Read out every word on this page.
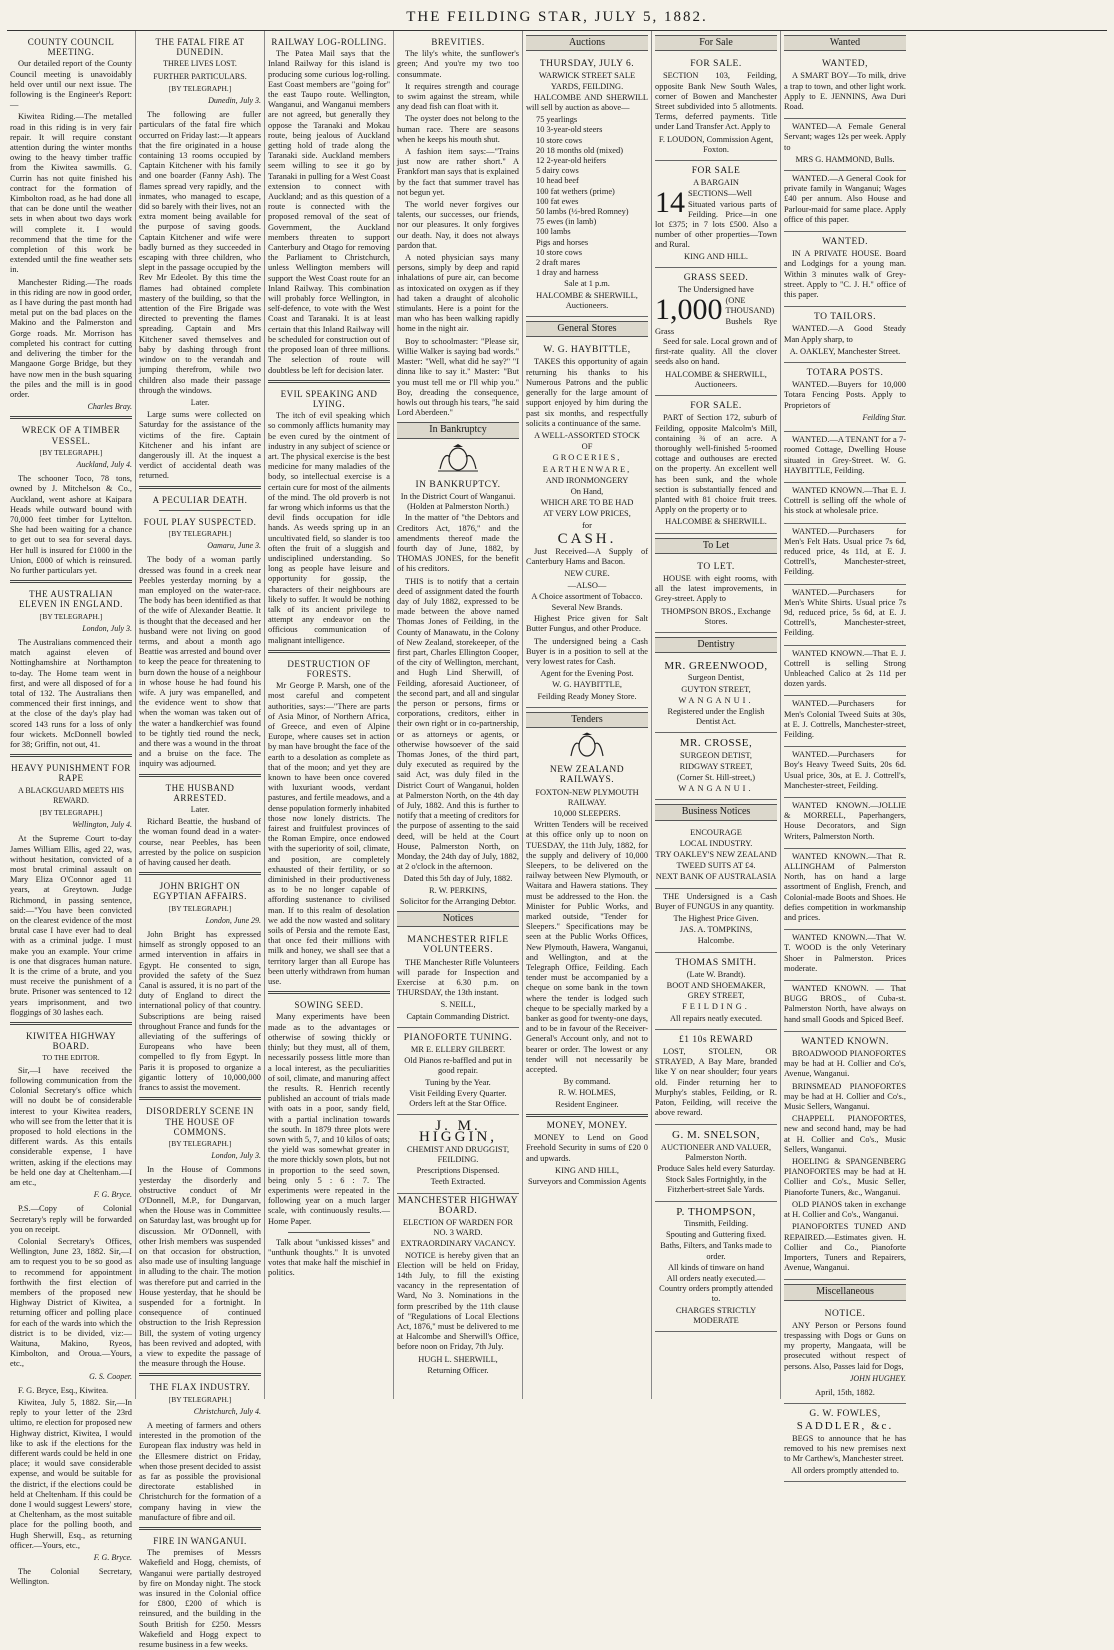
THE FEILDING STAR, JULY 5, 1882.
COUNTY COUNCIL MEETING.

Our detailed report of the County Council meeting is unavoidably held over until our next issue. The following is the Engineer's Report:—

Kiwitea Riding.—The metalled road in this riding is in very fair repair. It will require constant attention during the winter months owing to the heavy timber traffic from the Kiwitea sawmills. G. Currin has not quite finished his contract for the formation of Kimbolton road, as he had done all that can be done until the weather sets in when about two days work will complete it. I would recommend that the time for the completion of this work be extended until the fine weather sets in.

Manchester Riding.—The roads in this riding are now in good order, as I have during the past month had metal put on the bad places on the Makino and the Palmerston and Gorge roads. Mr. Morrison has completed his contract for cutting and delivering the timber for the Mangaone Gorge Bridge, but they have now men in the bush squaring the piles and the mill is in good order.

Charles Bray.
WRECK OF A TIMBER VESSEL.
[BY TELEGRAPH.]
Auckland, July 4.

The schooner Toco, 78 tons, owned by J. Mitchelson & Co., Auckland, went ashore at Kaipara Heads while outward bound with 70,000 feet timber for Lyttelton. She had been waiting for a chance to get out to sea for several days. Her hull is insured for £1000 in the Union, £000 of which is reinsured. No further particulars yet.

THE AUSTRALIAN ELEVEN IN ENGLAND.
[BY TELEGRAPH.]
London, July 3.

The Australians commenced their match against eleven of Nottinghamshire at Northampton to-day. The Home team went in first, and were all disposed of for a total of 132. The Australians then commenced their first innings, and at the close of the day's play had scored 143 runs for a loss of only four wickets. McDonnell bowled for 38; Griffin, not out, 41.

HEAVY PUNISHMENT FOR RAPE
A BLACKGUARD MEETS HIS REWARD.
[BY TELEGRAPH.]
Wellington, July 4.

At the Supreme Court to-day James William Ellis, aged 22, was, without hesitation, convicted of a most brutal criminal assault on Mary Eliza O'Connor aged 11 years, at Greytown. Judge Richmond, in passing sentence, said:—"You have been convicted on the clearest evidence of the most brutal case I have ever had to deal with as a criminal judge. I must make you an example. Your crime is one that disgraces human nature. It is the crime of a brute, and you must receive the punishment of a brute. Prisoner was sentenced to 12 years imprisonment, and two floggings of 30 lashes each.

KIWITEA HIGHWAY BOARD.
TO THE EDITOR.

Sir,—I have received the following communication from the Colonial Secretary's office which will no doubt be of considerable interest to your Kiwitea readers, who will see from the letter that it is proposed to hold elections in the different wards. As this entails considerable expense, I have written, asking if the elections may be held one day at Cheltenham.—I am etc.,

F. G. Bryce.

P.S.—Copy of Colonial Secretary's reply will be forwarded you on receipt.

Colonial Secretary's Offices, Wellington, June 23, 1882. Sir,—I am to request you to be so good as to recommend for appointment forthwith the first election of members of the proposed new Highway District of Kiwitea, a returning officer and polling place for each of the wards into which the district is to be divided, viz:—Waituna, Makino, Ryeos, Kimbolton, and Oroua.—Yours, etc.,

G. S. Cooper.

F. G. Bryce, Esq., Kiwitea.

Kiwitea, July 5, 1882. Sir,—In reply to your letter of the 23rd ultimo, re election for proposed new Highway district, Kiwitea, I would like to ask if the elections for the different wards could be held in one place; it would save considerable expense, and would be suitable for the district, if the elections could be held at Cheltenham. If this could be done I would suggest Lewers' store, at Cheltenham, as the most suitable place for the polling booth, and Hugh Sherwill, Esq., as returning officer.—Yours, etc.,

F. G. Bryce.

The Colonial Secretary, Wellington.

THE FATAL FIRE AT DUNEDIN.
THREE LIVES LOST.
FURTHER PARTICULARS.
[BY TELEGRAPH.]
Dunedin, July 3.

The following are fuller particulars of the fatal fire which occurred on Friday last:—It appears that the fire originated in a house containing 13 rooms occupied by Captain Kitchener with his family and one boarder (Fanny Ash). The flames spread very rapidly, and the inmates, who managed to escape, did so barely with their lives, not an extra moment being available for the purpose of saving goods. Captain Kitchener and wife were badly burned as they succeeded in escaping with three children, who slept in the passage occupied by the Rev Mr Edeolet. By this time the flames had obtained complete mastery of the building, so that the attention of the Fire Brigade was directed to preventing the flames spreading. Captain and Mrs Kitchener saved themselves and baby by dashing through front window on to the verandah and jumping therefrom, while two children also made their passage through the windows.

Later.

Large sums were collected on Saturday for the assistance of the victims of the fire. Captain Kitchener and his infant are dangerously ill. At the inquest a verdict of accidental death was returned.

A PECULIAR DEATH.
FOUL PLAY SUSPECTED.
[BY TELEGRAPH.]
Oamaru, June 3.

The body of a woman partly dressed was found in a creek near Peebles yesterday morning by a man employed on the water-race. The body has been identified as that of the wife of Alexander Beattie. It is thought that the deceased and her husband were not living on good terms, and about a month ago Beattie was arrested and bound over to keep the peace for threatening to burn down the house of a neighbour in whose house he had found his wife. A jury was empanelled, and the evidence went to show that when the woman was taken out of the water a handkerchief was found to be tightly tied round the neck, and there was a wound in the throat and a bruise on the face. The inquiry was adjourned.

THE HUSBAND ARRESTED.
Later.

Richard Beattie, the husband of the woman found dead in a water-course, near Peebles, has been arrested by the police on suspicion of having caused her death.

JOHN BRIGHT ON EGYPTIAN AFFAIRS.
[BY TELEGRAPH.]
London, June 29.

John Bright has expressed himself as strongly opposed to an armed intervention in affairs in Egypt. He consented to sign, provided the safety of the Suez Canal is assured, it is no part of the duty of England to direct the international policy of that country. Subscriptions are being raised throughout France and funds for the alleviating of the sufferings of Europeans who have been compelled to fly from Egypt. In Paris it is proposed to organize a gigantic lottery of 10,000,000 francs to assist the movement.

DISORDERLY SCENE IN THE HOUSE OF COMMONS.
[BY TELEGRAPH.]
London, July 3.

In the House of Commons yesterday the disorderly and obstructive conduct of Mr O'Donnell, M.P., for Dungarvan, when the House was in Committee on Saturday last, was brought up for discussion. Mr O'Donnell, with other Irish members was suspended on that occasion for obstruction, also made use of insulting language in alluding to the chair. The motion was therefore put and carried in the House yesterday, that he should be suspended for a fortnight. In consequence of continued obstruction to the Irish Repression Bill, the system of voting urgency has been revived and adopted, with a view to expedite the passage of the measure through the House.

THE FLAX INDUSTRY.
[BY TELEGRAPH.]
Christchurch, July 4.

A meeting of farmers and others interested in the promotion of the European flax industry was held in the Ellesmere district on Friday, when those present decided to assist as far as possible the provisional directorate established in Christchurch for the formation of a company having in view the manufacture of fibre and oil.

FIRE IN WANGANUI.

The premises of Messrs Wakefield and Hogg, chemists, of Wanganui were partially destroyed by fire on Monday night. The stock was insured in the Colonial office for £800, £200 of which is reinsured, and the building in the South British for £250. Messrs Wakefield and Hogg expect to resume business in a few weeks.

RAILWAY LOG-ROLLING.

The Patea Mail says that the Inland Railway for this island is producing some curious log-rolling. East Coast members are "going for" the east Taupo route. Wellington, Wanganui, and Wanganui members are not agreed, but generally they oppose the Taranaki and Mokau route, being jealous of Auckland getting hold of trade along the Taranaki side. Auckland members seem willing to see it go by Taranaki in pulling for a West Coast extension to connect with Auckland; and as this question of a route is connected with the proposed removal of the seat of Government, the Auckland members threaten to support Canterbury and Otago for removing the Parliament to Christchurch, unless Wellington members will support the West Coast route for an Inland Railway. This combination will probably force Wellington, in self-defence, to vote with the West Coast and Taranaki. It is at least certain that this Inland Railway will be scheduled for construction out of the proposed loan of three millions. The selection of route will doubtless be left for decision later.

EVIL SPEAKING AND LYING.

The itch of evil speaking which so commonly afflicts humanity may be even cured by the ointment of industry in any subject of science or art. The physical exercise is the best medicine for many maladies of the body, so intellectual exercise is a certain cure for most of the ailments of the mind. The old proverb is not far wrong which informs us that the devil finds occupation for idle hands. As weeds spring up in an uncultivated field, so slander is too often the fruit of a sluggish and undisciplined understanding. So long as people have leisure and opportunity for gossip, the characters of their neighbours are likely to suffer. It would be nothing talk of its ancient privilege to attempt any endeavor on the officious communication of malignant intelligence.

DESTRUCTION OF FORESTS.

Mr George P. Marsh, one of the most careful and competent authorities, says:—"There are parts of Asia Minor, of Northern Africa, of Greece, and even of Alpine Europe, where causes set in action by man have brought the face of the earth to a desolation as complete as that of the moon; and yet they are known to have been once covered with luxuriant woods, verdant pastures, and fertile meadows, and a dense population formerly inhabited those now lonely districts. The fairest and fruitfulest provinces of the Roman Empire, once endowed with the superiority of soil, climate, and position, are completely exhausted of their fertility, or so diminished in their productiveness as to be no longer capable of affording sustenance to civilised man. If to this realm of desolation we add the now wasted and solitary soils of Persia and the remote East, that once fed their millions with milk and honey, we shall see that a territory larger than all Europe has been utterly withdrawn from human use.

SOWING SEED.

Many experiments have been made as to the advantages or otherwise of sowing thickly or thinly; but they must, all of them, necessarily possess little more than a local interest, as the peculiarities of soil, climate, and manuring affect the results. R. Henrich recently published an account of trials made with oats in a poor, sandy field, with a partial inclination towards the south. In 1879 three plots were sown with 5, 7, and 10 kilos of oats; the yield was somewhat greater in the more thickly sown plots, but not in proportion to the seed sown, being only 5 : 6 : 7. The experiments were repeated in the following year on a much larger scale, with continuously results.—Home Paper.

Talk about "unkissed kisses" and "unthunk thoughts." It is unvoted votes that make half the mischief in politics.

BREVITIES.

The lily's white, the sunflower's green; And you're my two too consummate.

It requires strength and courage to swim against the stream, while any dead fish can float with it.

The oyster does not belong to the human race. There are seasons when he keeps his mouth shut.

A fashion item says:—"Trains just now are rather short." A Frankfort man says that is explained by the fact that summer travel has not begun yet.

The world never forgives our talents, our successes, our friends, nor our pleasures. It only forgives our death. Nay, it does not always pardon that.

A noted physician says many persons, simply by deep and rapid inhalations of pure air, can become as intoxicated on oxygen as if they had taken a draught of alcoholic stimulants. Here is a point for the man who has been walking rapidly home in the night air.

Boy to schoolmaster: "Please sir, Willie Walker is saying bad words." Master: "Well, what did he say?" "I dinna like to say it." Master: "But you must tell me or I'll whip you." Boy, dreading the consequence, howls out through his tears, "he said Lord Aberdeen."

In Bankruptcy
IN BANKRUPTCY.
In the District Court of Wanganui. (Holden at Palmerston North.)

In the matter of "the Debtors and Creditors Act, 1876," and the amendments thereof made the fourth day of June, 1882, by THOMAS JONES, for the benefit of his creditors.

THIS is to notify that a certain deed of assignment dated the fourth day of July 1882, expressed to be made between the above named Thomas Jones of Feilding, in the County of Manawatu, in the Colony of New Zealand, storekeeper, of the first part, Charles Ellington Cooper, of the city of Wellington, merchant, and Hugh Lind Sherwill, of Feilding, aforesaid Auctioneer, of the second part, and all and singular the person or persons, firms or corporations, creditors, either in their own right or in co-partnership, or as attorneys or agents, or otherwise howsoever of the said Thomas Jones, of the third part, duly executed as required by the said Act, was duly filed in the District Court of Wanganui, holden at Palmerston North, on the 4th day of July, 1882. And this is further to notify that a meeting of creditors for the purpose of assenting to the said deed, will be held at the Court House, Palmerston North, on Monday, the 24th day of July, 1882, at 2 o'clock in the afternoon.

Dated this 5th day of July, 1882.
R. W. PERKINS,
Solicitor for the Arranging Debtor.
Notices
MANCHESTER RIFLE VOLUNTEERS.

THE Manchester Rifle Volunteers will parade for Inspection and Exercise at 6.30 p.m. on THURSDAY, the 13th instant.

S. NEILL,
Captain Commanding District.
PIANOFORTE TUNING.
MR E. ELLERY GILBERT.
Old Pianos re-baffled and put in good repair.
Tuning by the Year.
Visit Feilding Every Quarter. Orders left at the Star Office.
J. M. HIGGIN,
CHEMIST AND DRUGGIST, FEILDING.
Prescriptions Dispensed.
Teeth Extracted.
MANCHESTER HIGHWAY BOARD.
ELECTION OF WARDEN FOR NO. 3 WARD.
EXTRAORDINARY VACANCY.

NOTICE is hereby given that an Election will be held on Friday, 14th July, to fill the existing vacancy in the representation of Ward, No 3. Nominations in the form prescribed by the 11th clause of "Regulations of Local Elections Act, 1876," must be delivered to me at Halcombe and Sherwill's Office, before noon on Friday, 7th July.

HUGH L. SHERWILL,
Returning Officer.
Auctions
THURSDAY, JULY 6.
WARWICK STREET SALE YARDS, FEILDING.

HALCOMBE AND SHERWILL will sell by auction as above—

75 yearlings
10 3-year-old steers
10 store cows
20 18 months old (mixed)
12 2-year-old heifers
5 dairy cows
10 head beef
100 fat wethers (prime)
100 fat ewes
50 lambs (½-bred Romney)
75 ewes (in lamb)
100 lambs
Pigs and horses
10 store cows
2 draft mares
1 dray and harness
Sale at 1 p.m.
HALCOMBE & SHERWILL, Auctioneers.
General Stores
W. G. HAYBITTLE,

TAKES this opportunity of again returning his thanks to his Numerous Patrons and the public generally for the large amount of support enjoyed by him during the past six months, and respectfully solicits a continuance of the same.

A WELL-ASSORTED STOCK
OF
GROCERIES,
EARTHENWARE,
AND IRONMONGERY
On Hand,
WHICH ARE TO BE HAD
AT VERY LOW PRICES,
for
CASH.

Just Received—A Supply of Canterbury Hams and Bacon.

NEW CURE.
—ALSO—
A Choice assortment of Tobacco.
Several New Brands.

Highest Price given for Salt Butter Fungus, and other Produce.

The undersigned being a Cash Buyer is in a position to sell at the very lowest rates for Cash.

Agent for the Evening Post.
W. G. HAYBITTLE,
Feilding Ready Money Store.
Tenders
NEW ZEALAND RAILWAYS.
FOXTON-NEW PLYMOUTH RAILWAY.
10,000 SLEEPERS.

Written Tenders will be received at this office only up to noon on TUESDAY, the 11th July, 1882, for the supply and delivery of 10,000 Sleepers, to be delivered on the railway between New Plymouth, or Waitara and Hawera stations. They must be addressed to the Hon. the Minister for Public Works, and marked outside, "Tender for Sleepers." Specifications may be seen at the Public Works Offices, New Plymouth, Hawera, Wanganui, and Wellington, and at the Telegraph Office, Feilding. Each tender must be accompanied by a cheque on some bank in the town where the tender is lodged such cheque to be specially marked by a banker as good for twenty-one days, and to be in favour of the Receiver-General's Account only, and not to bearer or order. The lowest or any tender will not necessarily be accepted.

By command.
R. W. HOLMES,
Resident Engineer.
MONEY, MONEY.

MONEY to Lend on Good Freehold Security in sums of £20 0 and upwards.

KING AND HILL,
Surveyors and Commission Agents
For Sale
FOR SALE.

SECTION 103, Feilding, opposite Bank New South Wales, corner of Bowen and Manchester Street subdivided into 5 allotments. Terms, deferred payments. Title under Land Transfer Act. Apply to

F. LOUDON, Commission Agent, Foxton.
FOR SALE
A BARGAIN
14 SECTIONS—Well Situated various parts of Feilding. Price—in one lot £375; in 7 lots £500. Also a number of other properties—Town and Rural.
KING AND HILL.
GRASS SEED.
The Undersigned have
1,000 (ONE THOUSAND) Bushels Rye Grass

Seed for sale. Local grown and of first-rate quality. All the clover seeds also on hand.

HALCOMBE & SHERWILL, Auctioneers.
FOR SALE.

PART of Section 172, suburb of Feilding, opposite Malcolm's Mill, containing ¾ of an acre. A thoroughly well-finished 5-roomed cottage and outhouses are erected on the property. An excellent well has been sunk, and the whole section is substantially fenced and planted with 81 choice fruit trees. Apply on the property or to

HALCOMBE & SHERWILL.
To Let
TO LET.

HOUSE with eight rooms, with all the latest improvements, in Grey-street. Apply to

THOMPSON BROS., Exchange Stores.
Dentistry
MR. GREENWOOD,
Surgeon Dentist,
GUYTON STREET,
WANGANUI.
Registered under the English Dentist Act.
MR. CROSSE,
SURGEON DETIST,
RIDGWAY STREET,
(Corner St. Hill-street,)
WANGANUI.
Business Notices
ENCOURAGE
LOCAL INDUSTRY.
TRY OAKLEY'S NEW ZEALAND
TWEED SUITS AT £4.
NEXT BANK OF AUSTRALASIA

THE Undersigned is a Cash Buyer of FUNGUS in any quantity.

The Highest Price Given.
JAS. A. TOMPKINS,
Halcombe.
THOMAS SMITH.
(Late W. Brandt).
BOOT AND SHOEMAKER, GREY STREET,
FEILDING.
All repairs neatly executed.
£1 10s REWARD

LOST, STOLEN, OR STRAYED, A Bay Mare, branded like Y on near shoulder; four years old. Finder returning her to Murphy's stables, Feilding, or R. Paton, Feilding, will receive the above reward.

G. M. SNELSON,
AUCTIONEER AND VALUER, Palmerston North.
Produce Sales held every Saturday.
Stock Sales Fortnightly, in the Fitzherbert-street Sale Yards.
P. THOMPSON,
Tinsmith, Feilding.
Spouting and Guttering fixed.
Baths, Filters, and Tanks made to order.
All kinds of tinware on hand
All orders neatly executed.—Country orders promptly attended to.
CHARGES STRICTLY MODERATE
Wanted
WANTED,

A SMART BOY—To milk, drive a trap to town, and other light work. Apply to E. JENNINS, Awa Duri Road.

WANTED—A Female General Servant; wages 12s per week. Apply to

MRS G. HAMMOND, Bulls.

WANTED.—A General Cook for private family in Wanganui; Wages £40 per annum. Also House and Parlour-maid for same place. Apply office of this paper.

WANTED.

IN A PRIVATE HOUSE. Board and Lodgings for a young man. Within 3 minutes walk of Grey-street. Apply to "C. J. H." office of this paper.

TO TAILORS.

WANTED.—A Good Steady Man Apply sharp, to

A. OAKLEY, Manchester Street.
TOTARA POSTS.

WANTED.—Buyers for 10,000 Totara Fencing Posts. Apply to Proprietors of

Feilding Star.

WANTED.—A TENANT for a 7-roomed Cottage, Dwelling House situated in Grey-Street. W. G. HAYBITTLE, Feilding.

WANTED KNOWN.—That E. J. Cottrell is selling off the whole of his stock at wholesale price.

WANTED.—Purchasers for Men's Felt Hats. Usual price 7s 6d, reduced price, 4s 11d, at E. J. Cottrell's, Manchester-street, Feilding.

WANTED.—Purchasers for Men's White Shirts. Usual price 7s 9d, reduced price, 5s 6d, at E. J. Cottrell's, Manchester-street, Feilding.

WANTED KNOWN.—That E. J. Cottrell is selling Strong Unbleached Calico at 2s 11d per dozen yards.

WANTED.—Purchasers for Men's Colonial Tweed Suits at 30s, at E. J. Cottrells, Manchester-street, Feilding.

WANTED.—Purchasers for Boy's Heavy Tweed Suits, 20s 6d. Usual price, 30s, at E. J. Cottrell's, Manchester-street, Feilding.

WANTED KNOWN.—JOLLIE & MORRELL, Paperhangers, House Decorators, and Sign Writers, Palmerston North.

WANTED KNOWN.—That R. ALLINGHAM of Palmerston North, has on hand a large assortment of English, French, and Colonial-made Boots and Shoes. He defies competition in workmanship and prices.

WANTED KNOWN.—That W. T. WOOD is the only Veterinary Shoer in Palmerston. Prices moderate.

WANTED KNOWN. — That BUGG BROS., of Cuba-st. Palmerston North, have always on hand small Goods and Spiced Beef.

WANTED KNOWN.

BROADWOOD PIANOFORTES may be had at H. Collier and Co's, Avenue, Wanganui.

BRINSMEAD PIANOFORTES may be had at H. Collier and Co's., Music Sellers, Wanganui.

CHAPPELL PIANOFORTES, new and second hand, may be had at H. Collier and Co's., Music Sellers, Wanganui.

HOELING & SPANGENBERG PIANOFORTES may be had at H. Collier and Co's., Music Seller, Pianoforte Tuners, &c., Wanganui.

OLD PIANOS taken in exchange at H. Collier and Co's., Wanganui.

PIANOFORTES TUNED AND REPAIRED.—Estimates given. H. Collier and Co., Pianoforte Importers, Tuners and Repairers, Avenue, Wanganui.

Miscellaneous
NOTICE.

ANY Person or Persons found trespassing with Dogs or Guns on my property, Mangaata, will be prosecuted without respect of persons. Also, Passes laid for Dogs,

JOHN HUGHEY.
April, 15th, 1882.
G. W. FOWLES,
SADDLER, &c.

BEGS to announce that he has removed to his new premises next to Mr Carthew's, Manchester street.

All orders promptly attended to.
